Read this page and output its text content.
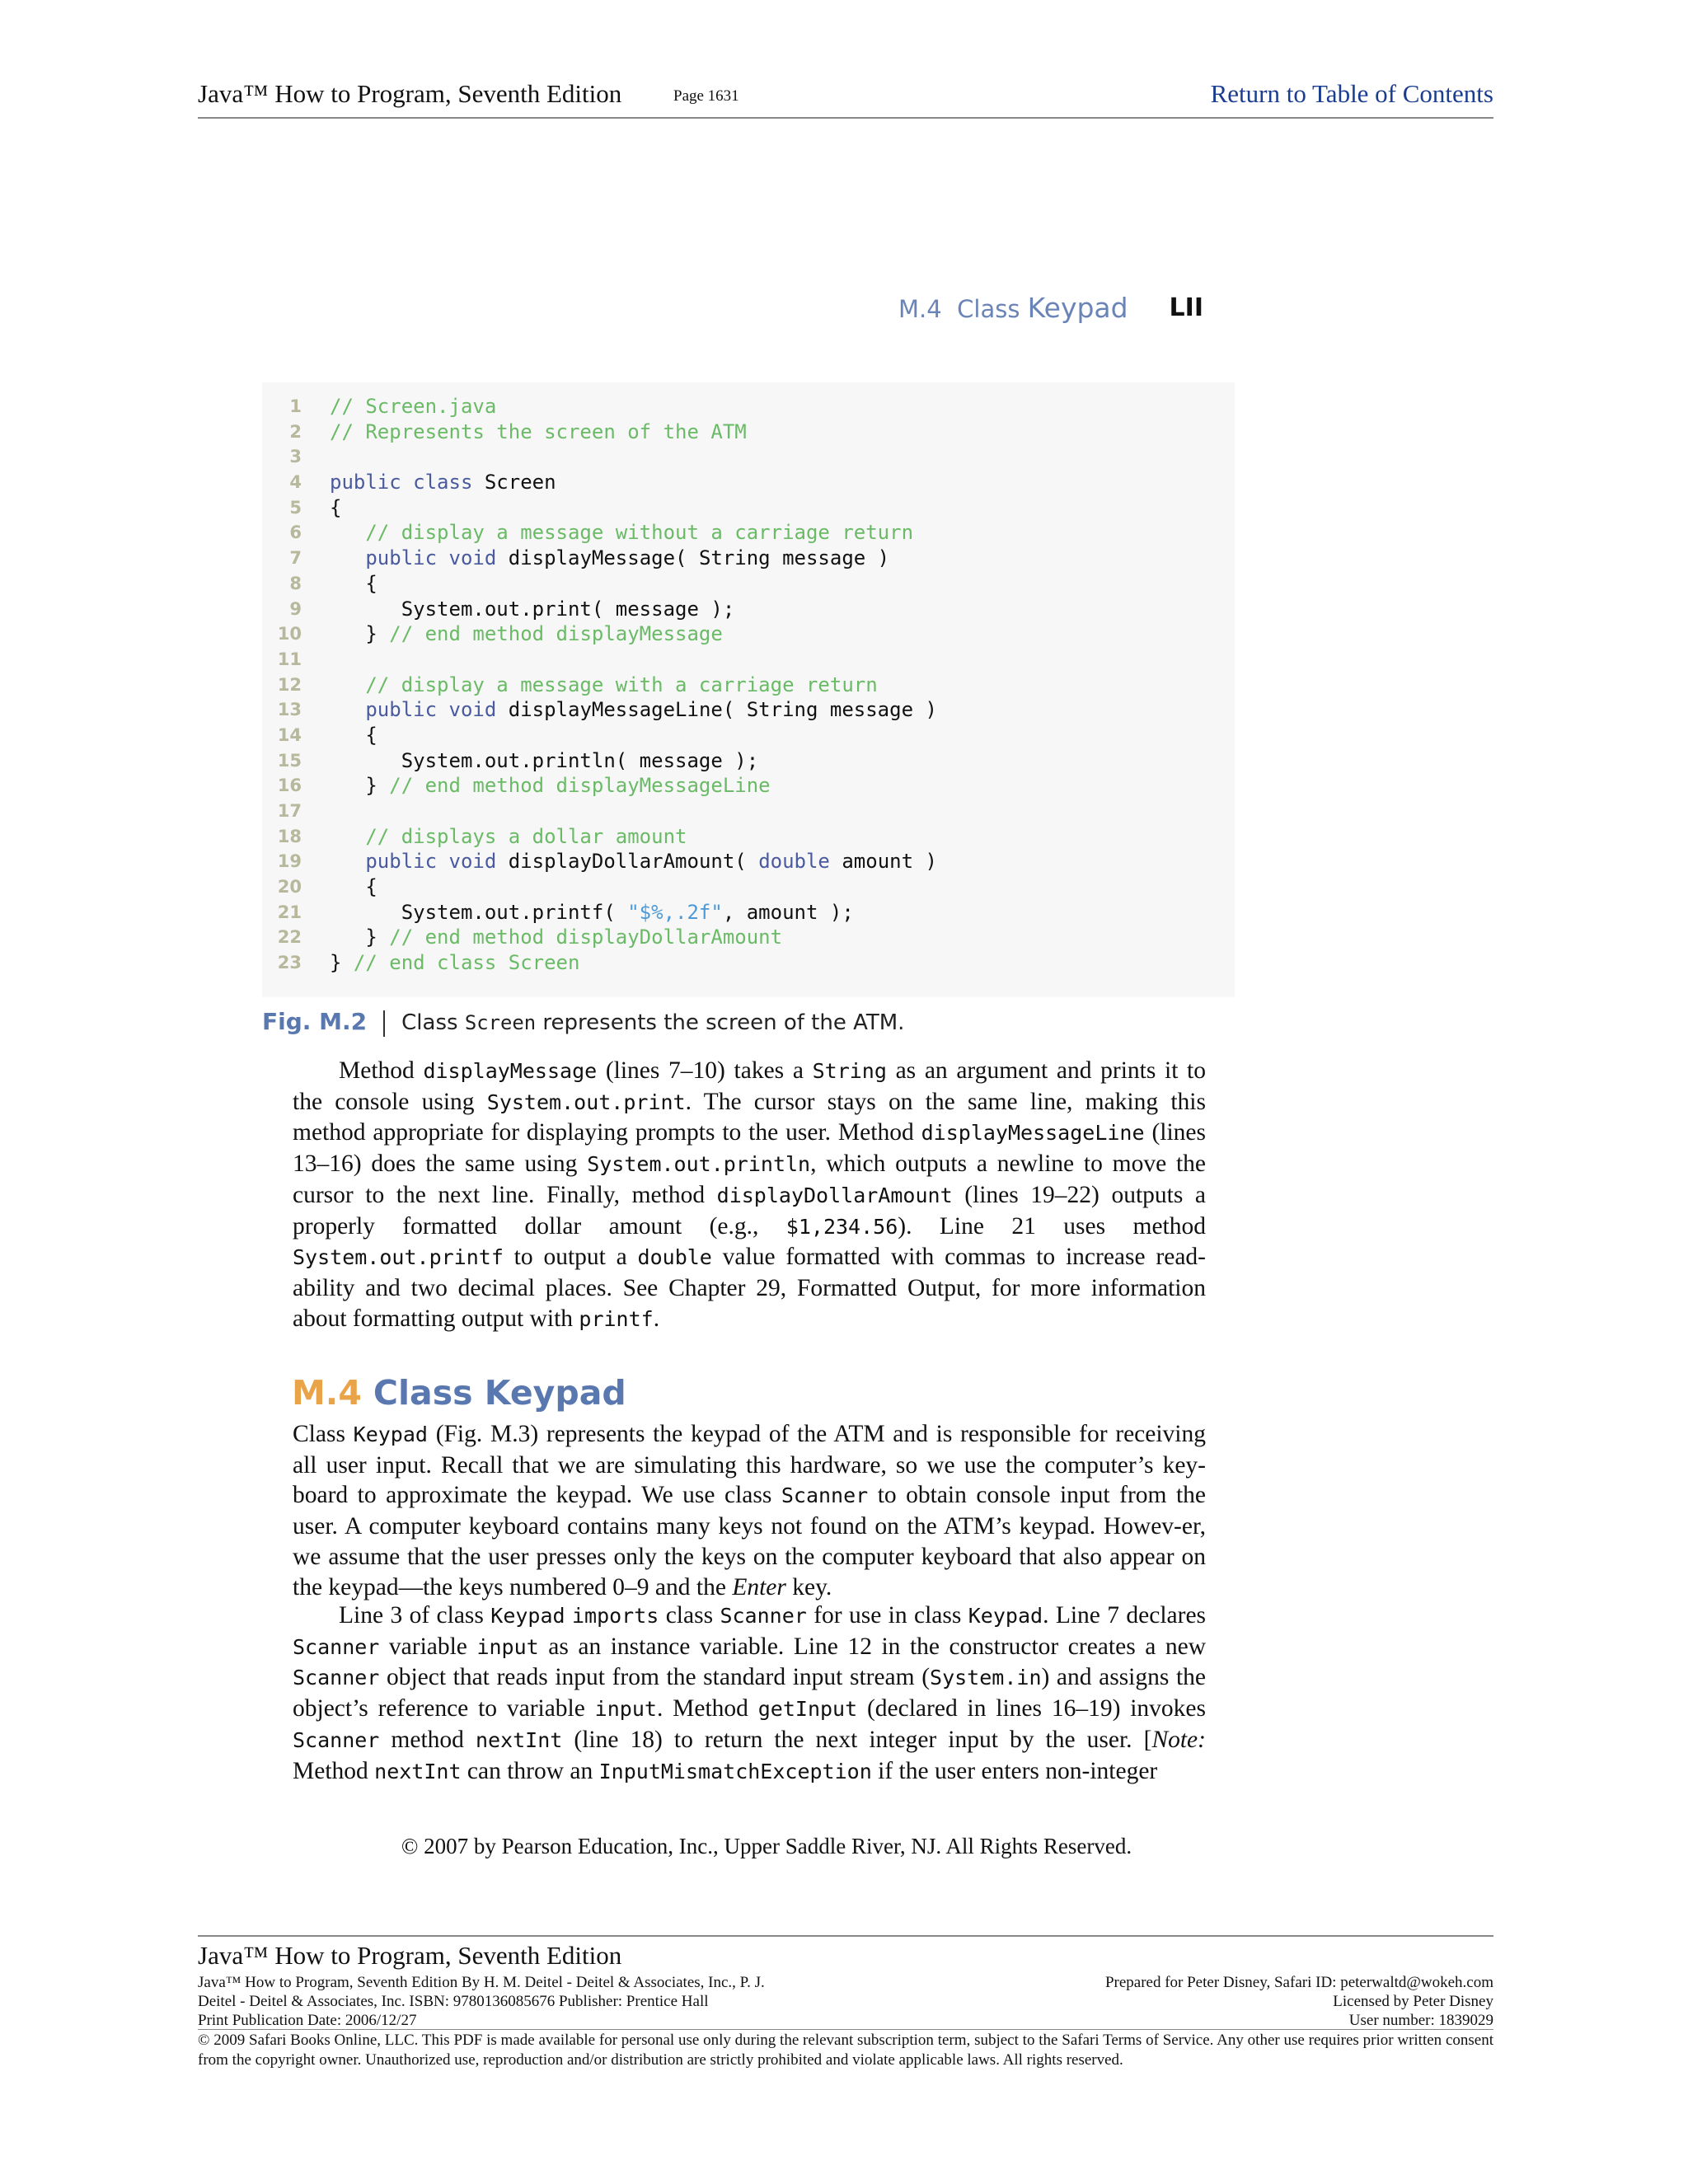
Java™ How to Program, Seventh Edition	Page 1631	Return to Table of Contents
M.4 Class Keypad LII
1 // Screen.java
2 // Represents the screen of the ATM
3
4 public class Screen
5 {
6 // display a message without a carriage return
7 public void displayMessage( String message )
8 {
9 System.out.print( message );
10 } // end method displayMessage
11
12 // display a message with a carriage return
13 public void displayMessageLine( String message )
14 {
15 System.out.println( message );
16 } // end method displayMessageLine
17
18 // displays a dollar amount
19 public void displayDollarAmount( double amount )
20 {
21 System.out.printf( "$%,.2f", amount );
22 } // end method displayDollarAmount
23 } // end class Screen
Fig. M.2 Class Screen represents the screen of the ATM.

Method displayMessage (lines 7–10) takes a String as an argument and prints it to the console using System.out.print. The cursor stays on the same line, making this method appropriate for displaying prompts to the user. Method displayMessageLine (lines 13–16) does the same using System.out.println, which outputs a newline to move the cursor to the next line. Finally, method displayDollarAmount (lines 19–22) outputs a properly formatted dollar amount (e.g., $1,234.56). Line 21 uses method System.out.printf to output a double value formatted with commas to increase read-ability and two decimal places. See Chapter 29, Formatted Output, for more information about formatting output with printf.

M.4 Class Keypad

Class Keypad (Fig. M.3) represents the keypad of the ATM and is responsible for receiving all user input. Recall that we are simulating this hardware, so we use the computer’s key-board to approximate the keypad. We use class Scanner to obtain console input from the user. A computer keyboard contains many keys not found on the ATM’s keypad. Howev-er, we assume that the user presses only the keys on the computer keyboard that also appear on the keypad—the keys numbered 0–9 and the Enter key.

Line 3 of class Keypad imports class Scanner for use in class Keypad. Line 7 declares Scanner variable input as an instance variable. Line 12 in the constructor creates a new Scanner object that reads input from the standard input stream (System.in) and assigns the object’s reference to variable input. Method getInput (declared in lines 16–19) invokes Scanner method nextInt (line 18) to return the next integer input by the user. [Note: Method nextInt can throw an InputMismatchException if the user enters non-integer

© 2007 by Pearson Education, Inc., Upper Saddle River, NJ. All Rights Reserved.
Java™ How to Program, Seventh Edition
Java™ How to Program, Seventh Edition By H. M. Deitel - Deitel & Associates, Inc., P. J.
Deitel - Deitel & Associates, Inc. ISBN: 9780136085676 Publisher: Prentice Hall
Print Publication Date: 2006/12/27
Prepared for Peter Disney, Safari ID: peterwaltd@wokeh.com
Licensed by Peter Disney
User number: 1839029
© 2009 Safari Books Online, LLC. This PDF is made available for personal use only during the relevant subscription term, subject to the Safari Terms of Service. Any other use requires prior written consent from the copyright owner. Unauthorized use, reproduction and/or distribution are strictly prohibited and violate applicable laws. All rights reserved.
